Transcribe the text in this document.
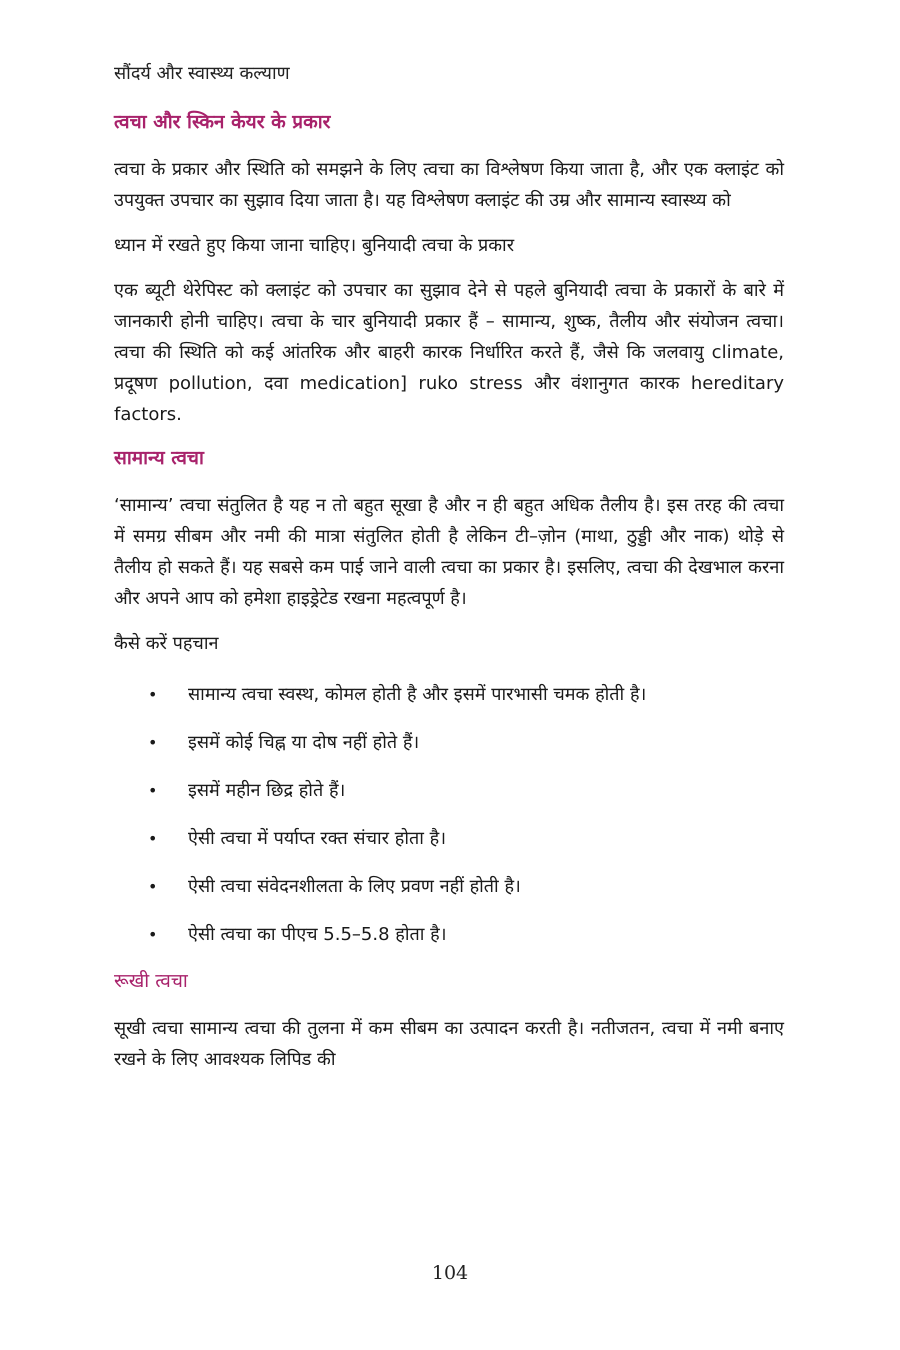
सौंदर्य और स्वास्थ्य कल्याण
त्वचा और स्किन केयर के प्रकार

त्वचा के प्रकार और स्थिति को समझने के लिए त्वचा का विश्लेषण किया जाता है, और एक क्लाइंट को उपयुक्त उपचार का सुझाव दिया जाता है। यह विश्लेषण क्लाइंट की उम्र और सामान्य स्वास्थ्य को

ध्यान में रखते हुए किया जाना चाहिए। बुनियादी त्वचा के प्रकार

एक ब्यूटी थेरेपिस्ट को क्लाइंट को उपचार का सुझाव देने से पहले बुनियादी त्वचा के प्रकारों के बारे में जानकारी होनी चाहिए। त्वचा के चार बुनियादी प्रकार हैं – सामान्य, शुष्क, तैलीय और संयोजन त्वचा। त्वचा की स्थिति को कई आंतरिक और बाहरी कारक निर्धारित करते हैं, जैसे कि जलवायु climate, प्रदूषण pollution, दवा medication] ruko stress और वंशानुगत कारक hereditary factors.

सामान्य त्वचा

‘सामान्य’ त्वचा संतुलित है यह न तो बहुत सूखा है और न ही बहुत अधिक तैलीय है। इस तरह की त्वचा में समग्र सीबम और नमी की मात्रा संतुलित होती है लेकिन टी–ज़ोन (माथा, ठुड्डी और नाक) थोड़े से तैलीय हो सकते हैं। यह सबसे कम पाई जाने वाली त्वचा का प्रकार है। इसलिए, त्वचा की देखभाल करना और अपने आप को हमेशा हाइड्रेटेड रखना महत्वपूर्ण है।

कैसे करें पहचान

• सामान्य त्वचा स्वस्थ, कोमल होती है और इसमें पारभासी चमक होती है।
• इसमें कोई चिह्न या दोष नहीं होते हैं।
• इसमें महीन छिद्र होते हैं।
• ऐसी त्वचा में पर्याप्त रक्त संचार होता है।
• ऐसी त्वचा संवेदनशीलता के लिए प्रवण नहीं होती है।
• ऐसी त्वचा का पीएच 5.5–5.8 होता है।
रूखी त्वचा

सूखी त्वचा सामान्य त्वचा की तुलना में कम सीबम का उत्पादन करती है। नतीजतन, त्वचा में नमी बनाए रखने के लिए आवश्यक लिपिड की

104
